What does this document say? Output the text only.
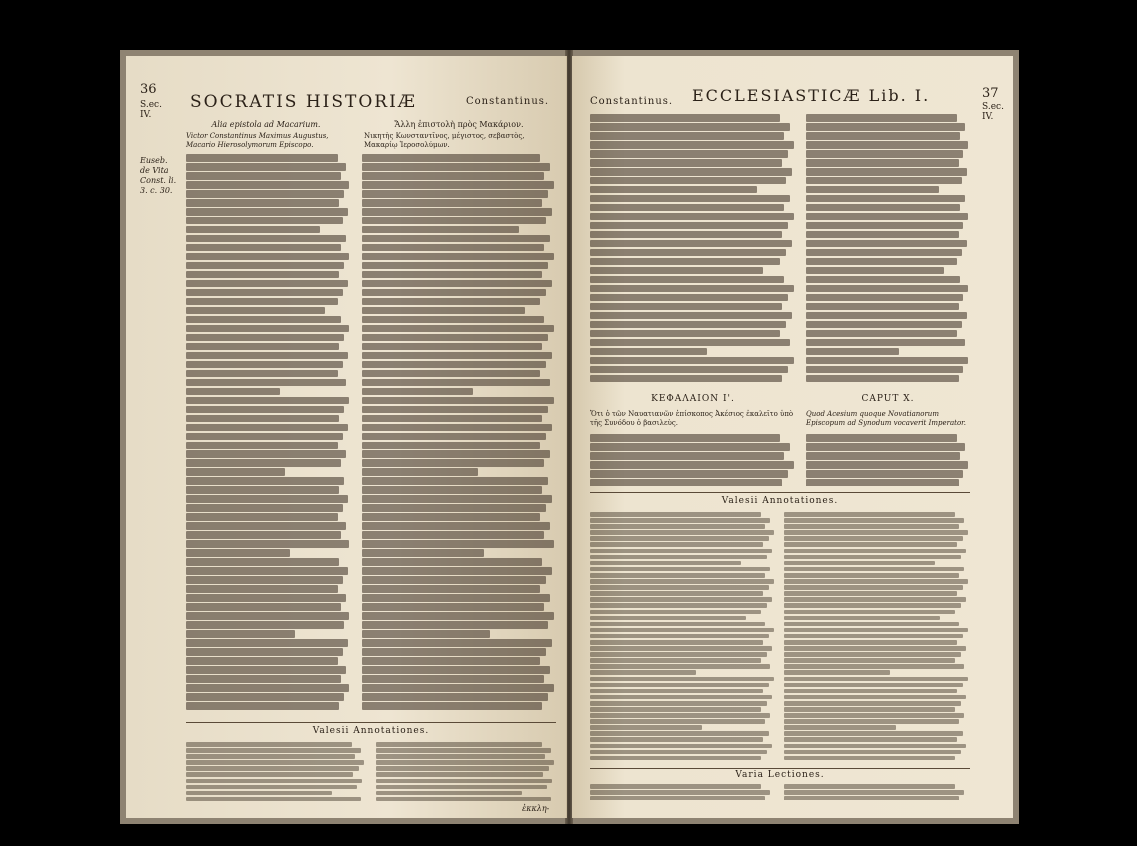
36
S.ec.
IV.
SOCRATIS HISTORIÆ	Constantinus.
Alia epistola ad Macarium.	Ἄλλη ἐπιστολὴ πρὸς Μακάριον.
Victor Constantinus Maximus Augustus, Macario Hierosolymorum Episcopo.
Νικητὴς Κωνσταντῖνος, μέγιστος, σεβαστὸς, Μακαρίῳ Ἱεροσολύμων.
Euseb. de Vita Const. li. 3. c. 30.
Valesii Annotationes.
ἐκκλη-
Constantinus. ECCLESIASTICÆ Lib. I.	37
S.ec.
IV.
ΚΕΦΑΛΑΙΟΝ Ι'.	CAPUT X.
Ὅτι ὁ τῶν Ναυατιανῶν ἐπίσκοπος Ἀκέσιος ἐκαλεῖτο ὑπὸ τῆς Συνόδου ὁ βασιλεὺς.
Quod Acesium quoque Novatianorum Episcopum ad Synodum vocaverit Imperator.
Valesii Annotationes.
Varia Lectiones.
